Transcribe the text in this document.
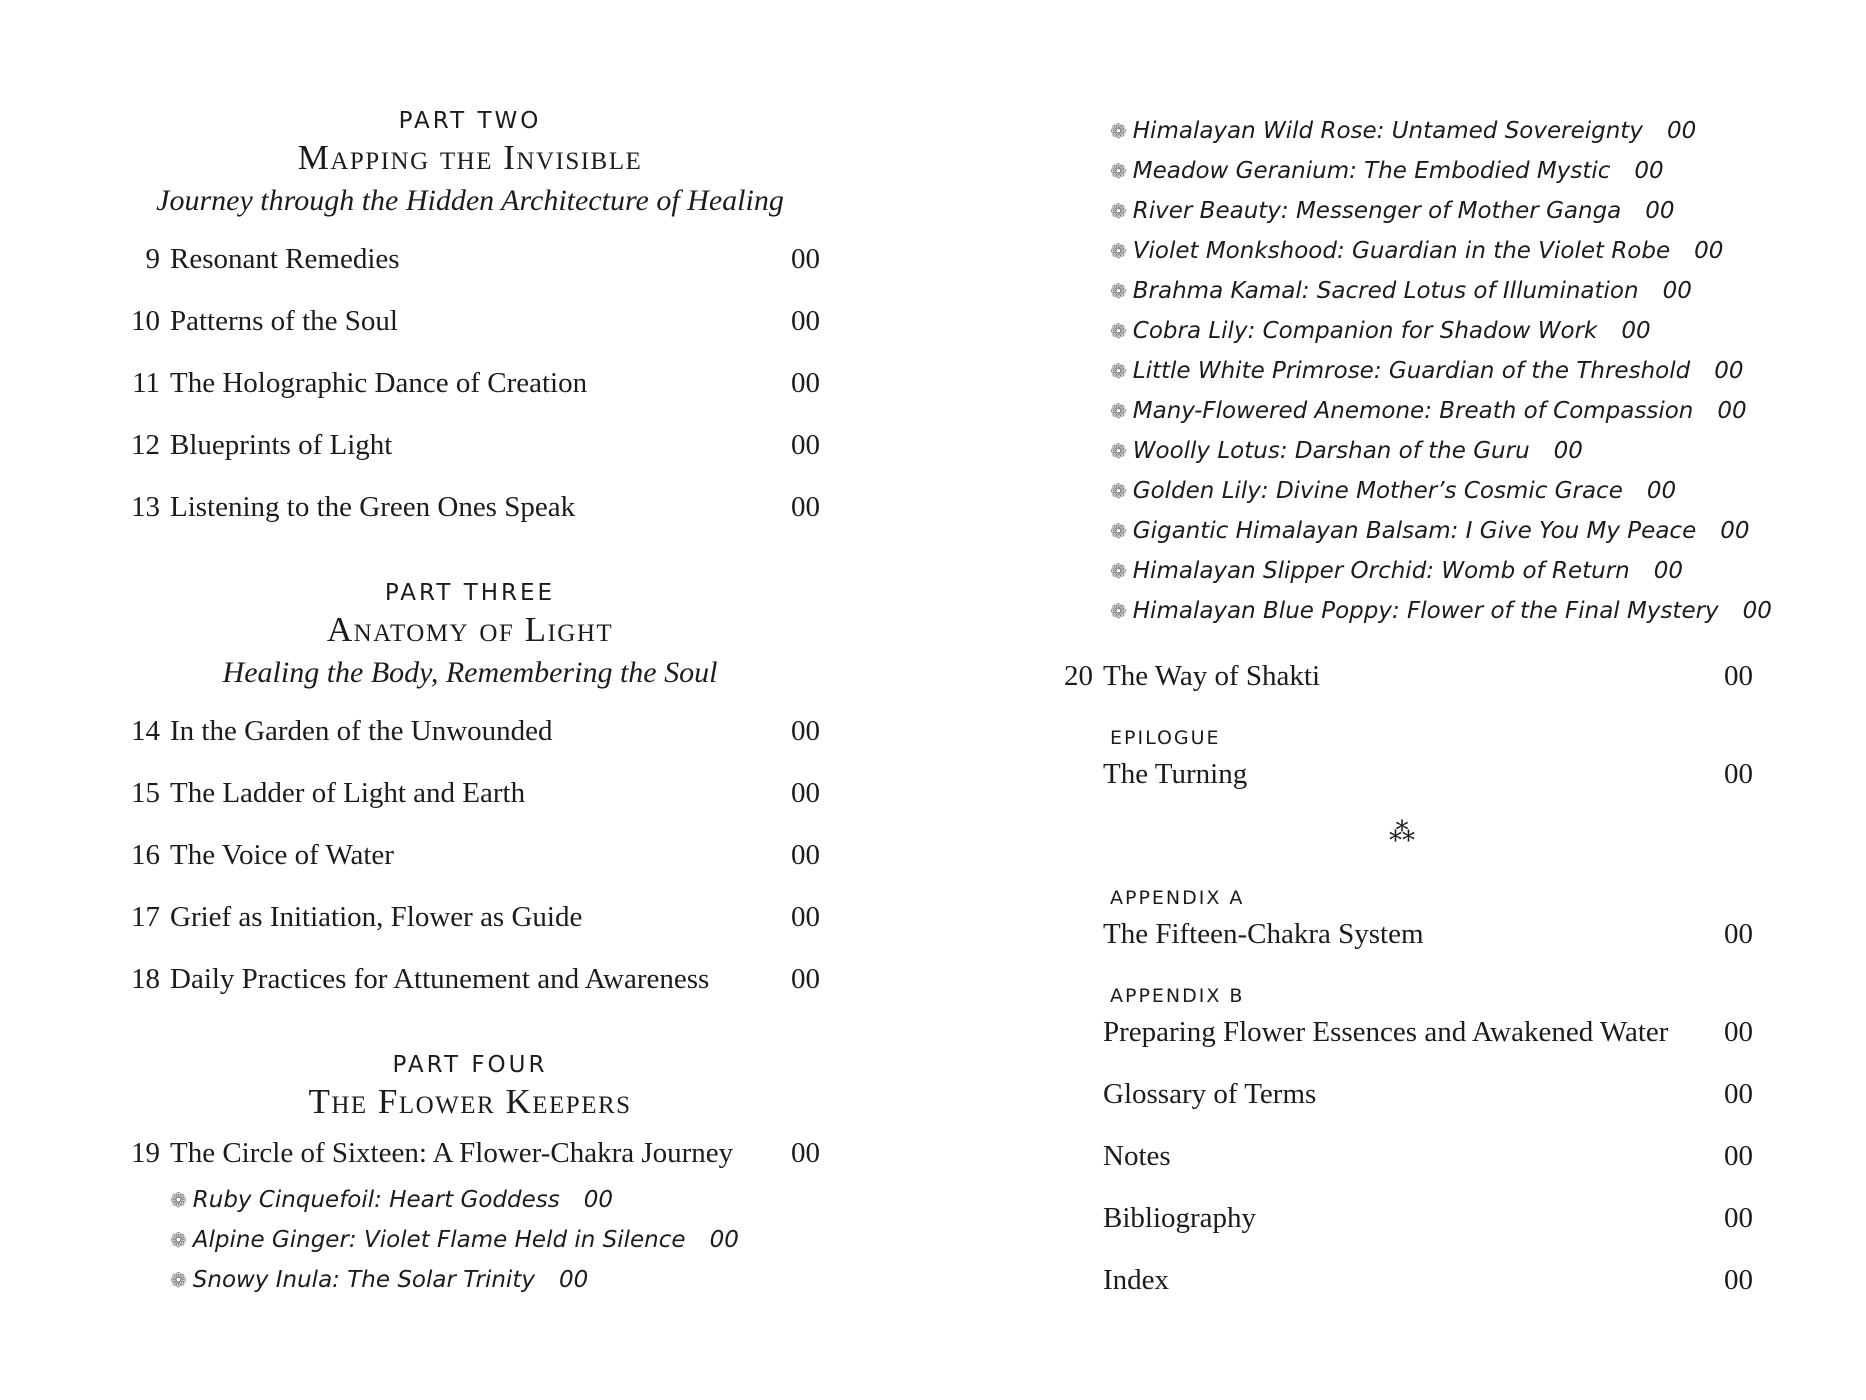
PART TWO

Mapping the Invisible

Journey through the Hidden Architecture of Healing

9 Resonant Remedies	00
10 Patterns of the Soul	00
11 The Holographic Dance of Creation	00
12 Blueprints of Light	00
13 Listening to the Green Ones Speak	00

PART THREE

Anatomy of Light

Healing the Body, Remembering the Soul

14 In the Garden of the Unwounded	00
15 The Ladder of Light and Earth	00
16 The Voice of Water	00
17 Grief as Initiation, Flower as Guide	00
18 Daily Practices for Attunement and Awareness	00

PART FOUR

The Flower Keepers

19 The Circle of Sixteen: A Flower-Chakra Journey 00
❁ Ruby Cinquefoil: Heart Goddess 00
❁ Alpine Ginger: Violet Flame Held in Silence 00
❁ Snowy Inula: The Solar Trinity 00
❁ Himalayan Wild Rose: Untamed Sovereignty 00
❁ Meadow Geranium: The Embodied Mystic 00
❁ River Beauty: Messenger of Mother Ganga 00
❁ Violet Monkshood: Guardian in the Violet Robe 00
❁ Brahma Kamal: Sacred Lotus of Illumination 00
❁ Cobra Lily: Companion for Shadow Work 00
❁ Little White Primrose: Guardian of the Threshold 00
❁ Many-Flowered Anemone: Breath of Compassion 00
❁ Woolly Lotus: Darshan of the Guru 00
❁ Golden Lily: Divine Mother’s Cosmic Grace 00
❁ Gigantic Himalayan Balsam: I Give You My Peace 00
❁ Himalayan Slipper Orchid: Womb of Return 00
❁ Himalayan Blue Poppy: Flower of the Final Mystery 00
20 The Way of Shakti	00
EPILOGUE
The Turning	00
⁂
APPENDIX A
The Fifteen-Chakra System	00
APPENDIX B
Preparing Flower Essences and Awakened Water 00
Glossary of Terms	00
Notes	00
Bibliography	00
Index	00
